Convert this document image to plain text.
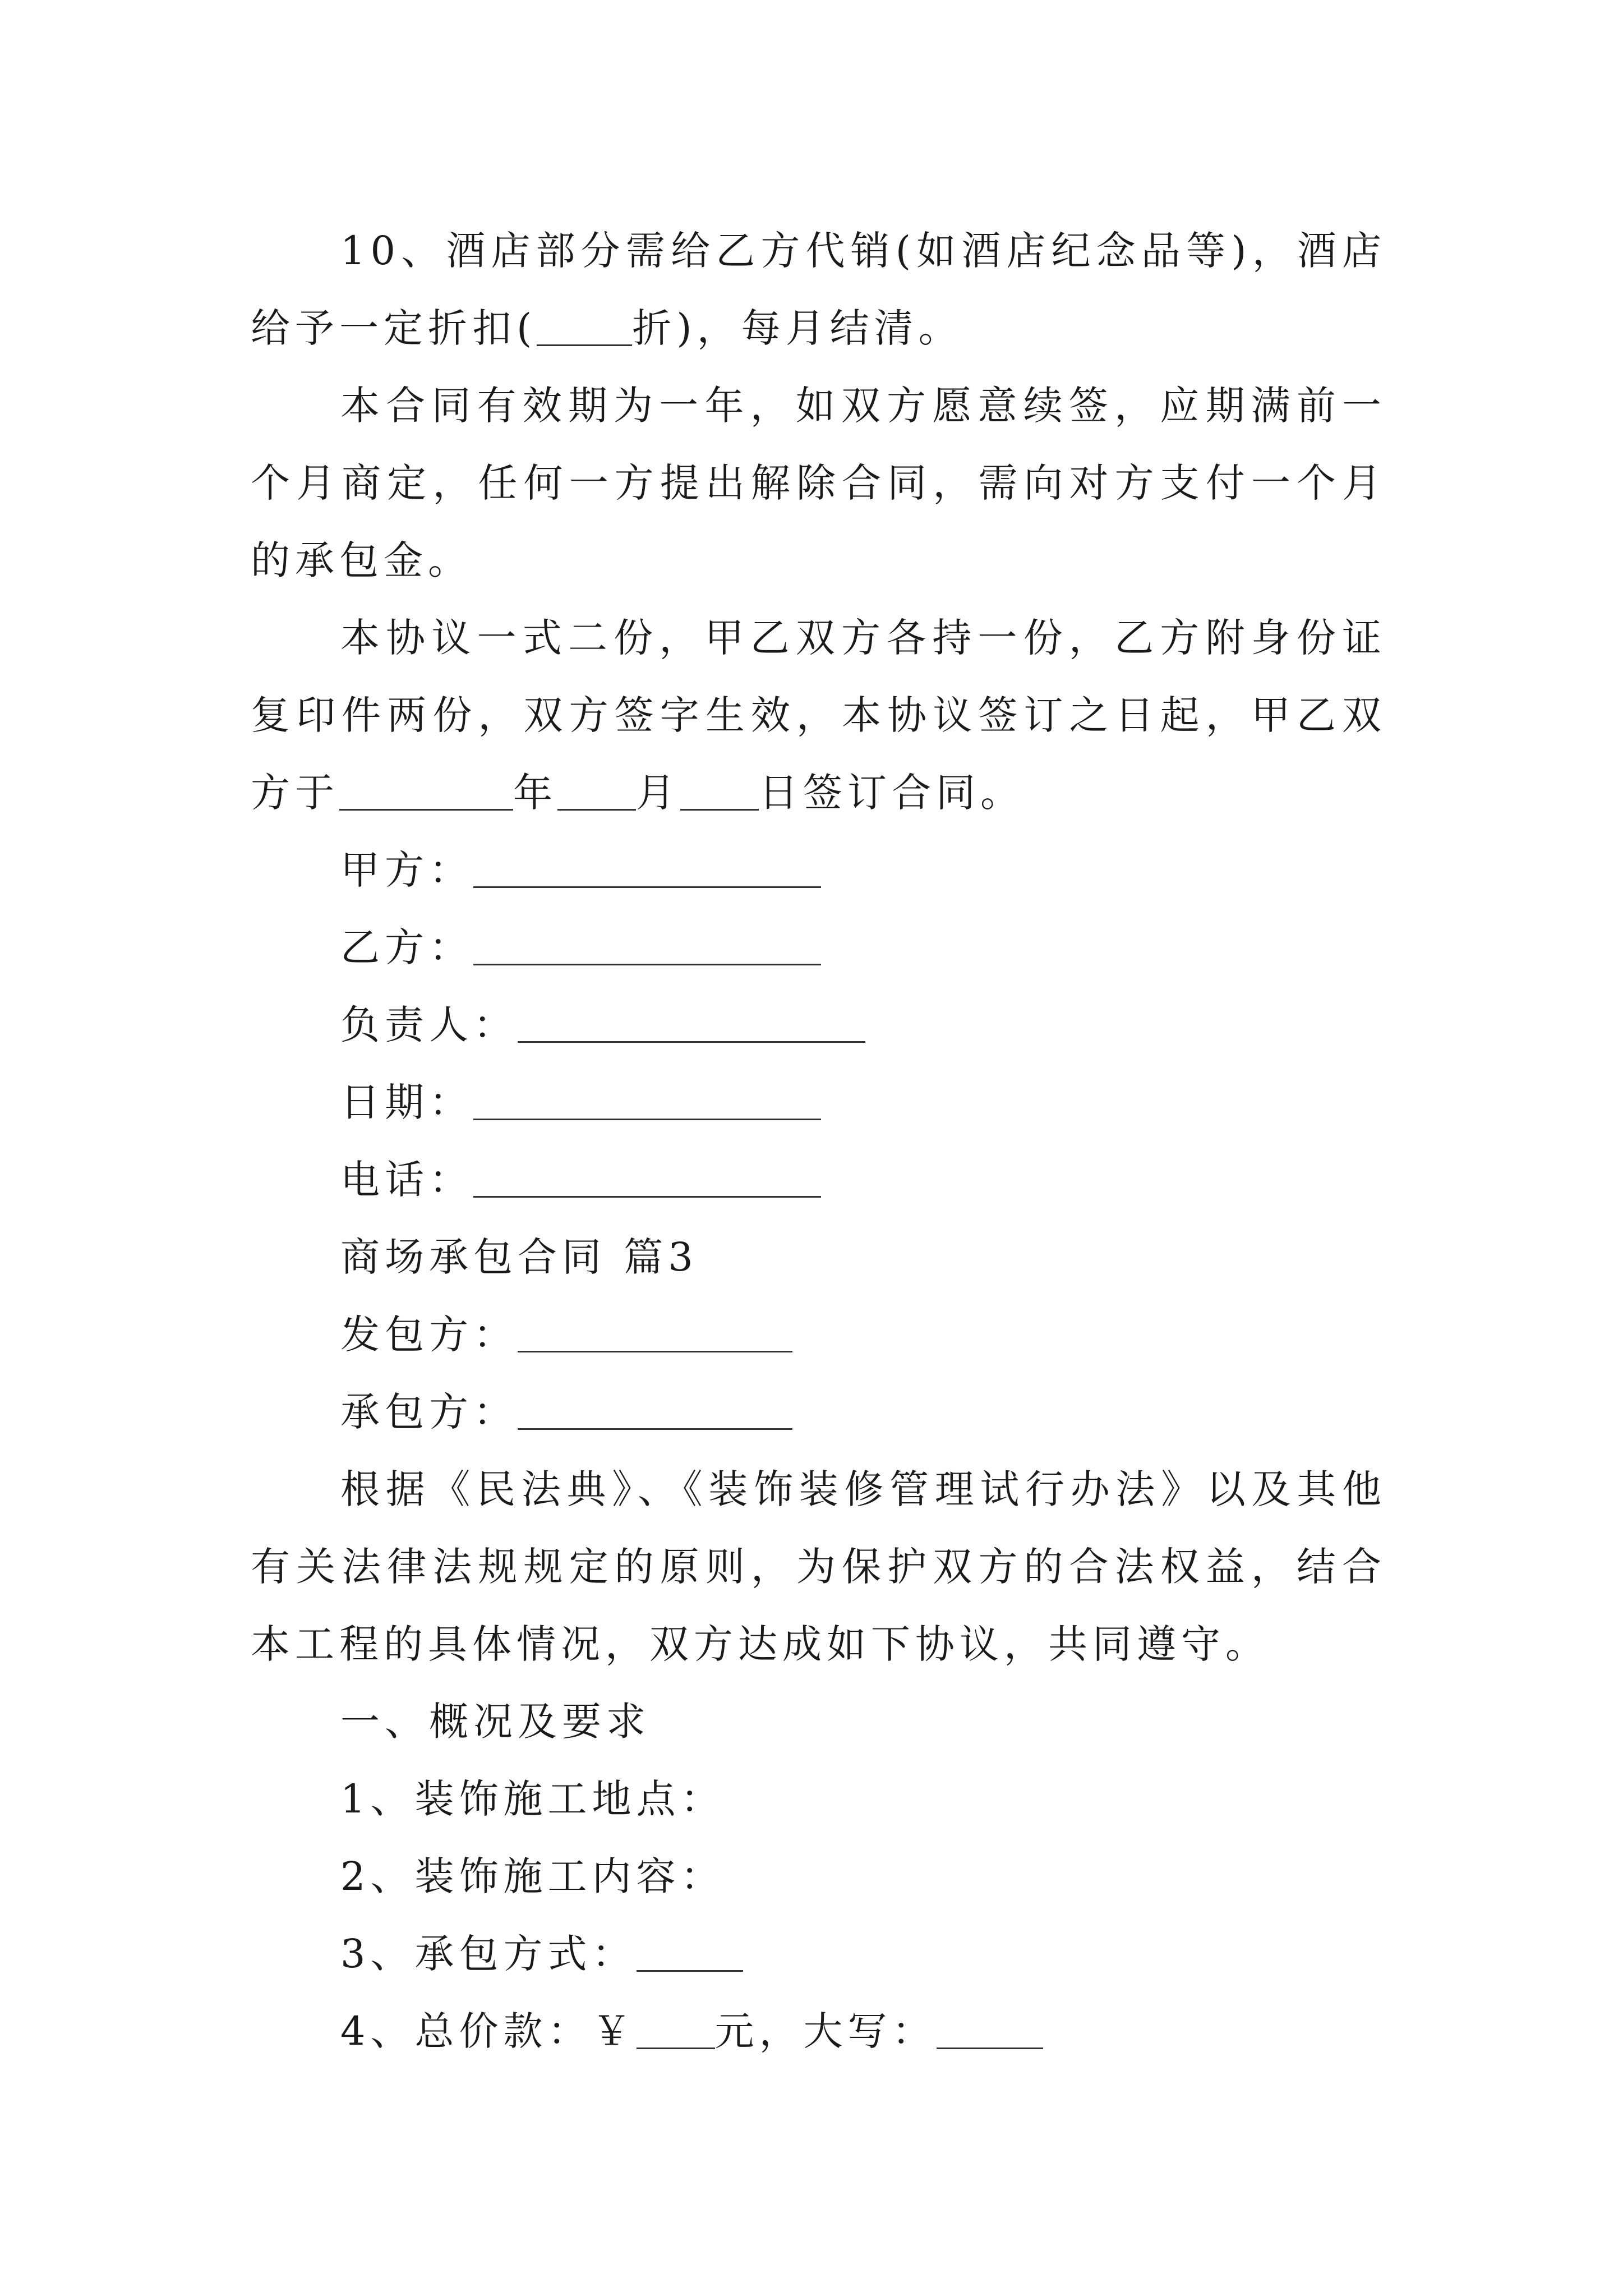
10、酒店部分需给乙方代销(如酒店纪念品等)，酒店给予一定折扣( 折)，每月结清。

本合同有效期为一年，如双方愿意续签，应期满前一个月商定，任何一方提出解除合同，需向对方支付一个月的承包金。

本协议一式二份，甲乙双方各持一份，乙方附身份证复印件两份，双方签字生效，本协议签订之日起，甲乙双方于	年 月 日签订合同。

甲方：

乙方：

负责人：

日期：

电话：

商场承包合同 篇3

发包方：

承包方：

根据《民法典》、《装饰装修管理试行办法》以及其他有关法律法规规定的原则，为保护双方的合法权益，结合本工程的具体情况，双方达成如下协议，共同遵守。

一、概况及要求

1、装饰施工地点：

2、装饰施工内容：

3、承包方式：

4、总价款：￥ 元，大写：
